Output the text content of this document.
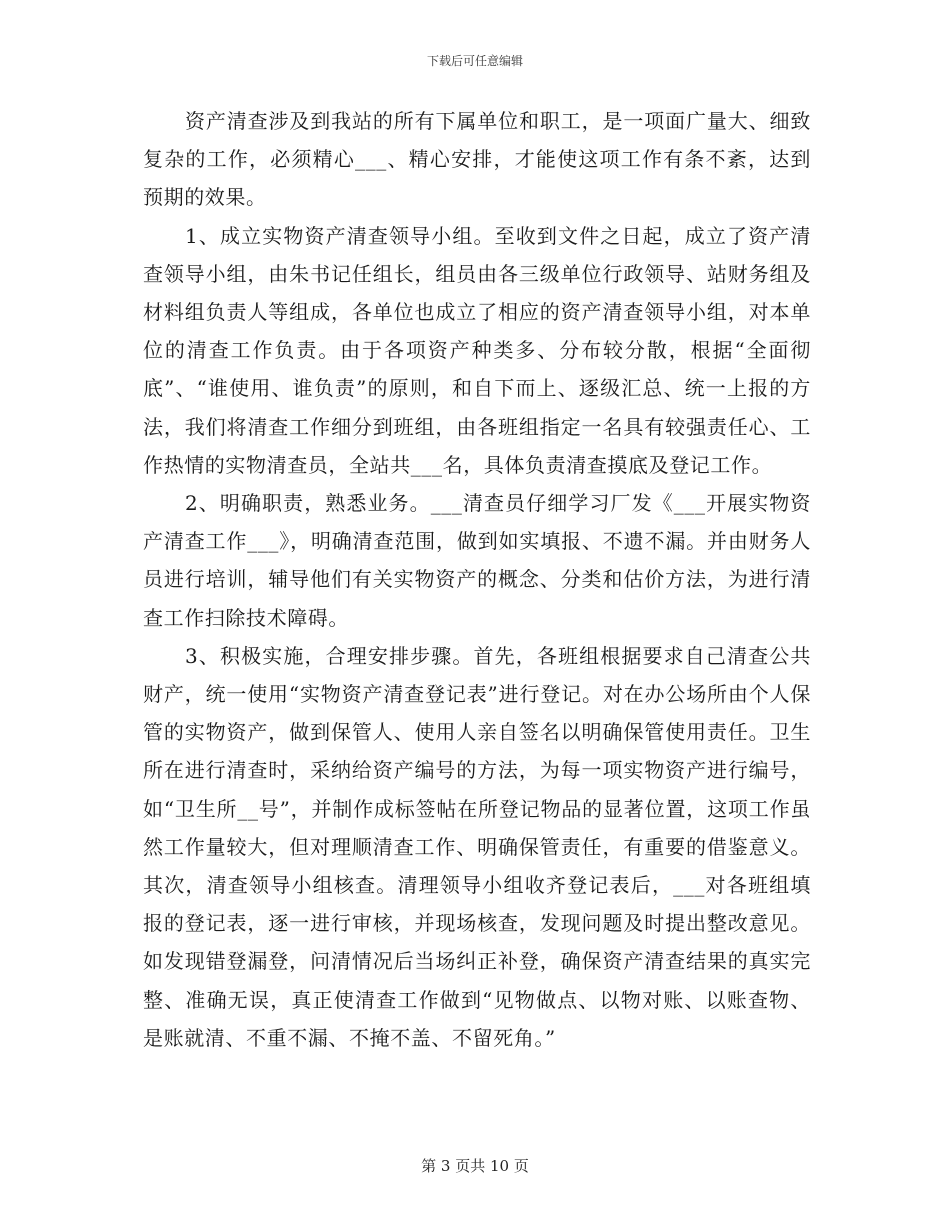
下载后可任意编辑

资产清查涉及到我站的所有下属单位和职工，是一项面广量大、细致复杂的工作，必须精心___、精心安排，才能使这项工作有条不紊，达到预期的效果。

1、成立实物资产清查领导小组。至收到文件之日起，成立了资产清查领导小组，由朱书记任组长，组员由各三级单位行政领导、站财务组及材料组负责人等组成，各单位也成立了相应的资产清查领导小组，对本单位的清查工作负责。由于各项资产种类多、分布较分散，根据“全面彻底”、“谁使用、谁负责”的原则，和自下而上、逐级汇总、统一上报的方法，我们将清查工作细分到班组，由各班组指定一名具有较强责任心、工作热情的实物清查员，全站共___名，具体负责清查摸底及登记工作。

2、明确职责，熟悉业务。___清查员仔细学习厂发《___开展实物资产清查工作___》，明确清查范围，做到如实填报、不遗不漏。并由财务人员进行培训，辅导他们有关实物资产的概念、分类和估价方法，为进行清查工作扫除技术障碍。

3、积极实施，合理安排步骤。首先，各班组根据要求自己清查公共财产，统一使用“实物资产清查登记表”进行登记。对在办公场所由个人保管的实物资产，做到保管人、使用人亲自签名以明确保管使用责任。卫生所在进行清查时，采纳给资产编号的方法，为每一项实物资产进行编号，如“卫生所__号”，并制作成标签帖在所登记物品的显著位置，这项工作虽然工作量较大，但对理顺清查工作、明确保管责任，有重要的借鉴意义。其次，清查领导小组核查。清理领导小组收齐登记表后，___对各班组填报的登记表，逐一进行审核，并现场核查，发现问题及时提出整改意见。如发现错登漏登，问清情况后当场纠正补登，确保资产清查结果的真实完整、准确无误，真正使清查工作做到“见物做点、以物对账、以账查物、是账就清、不重不漏、不掩不盖、不留死角。”

第 3 页共 10 页
